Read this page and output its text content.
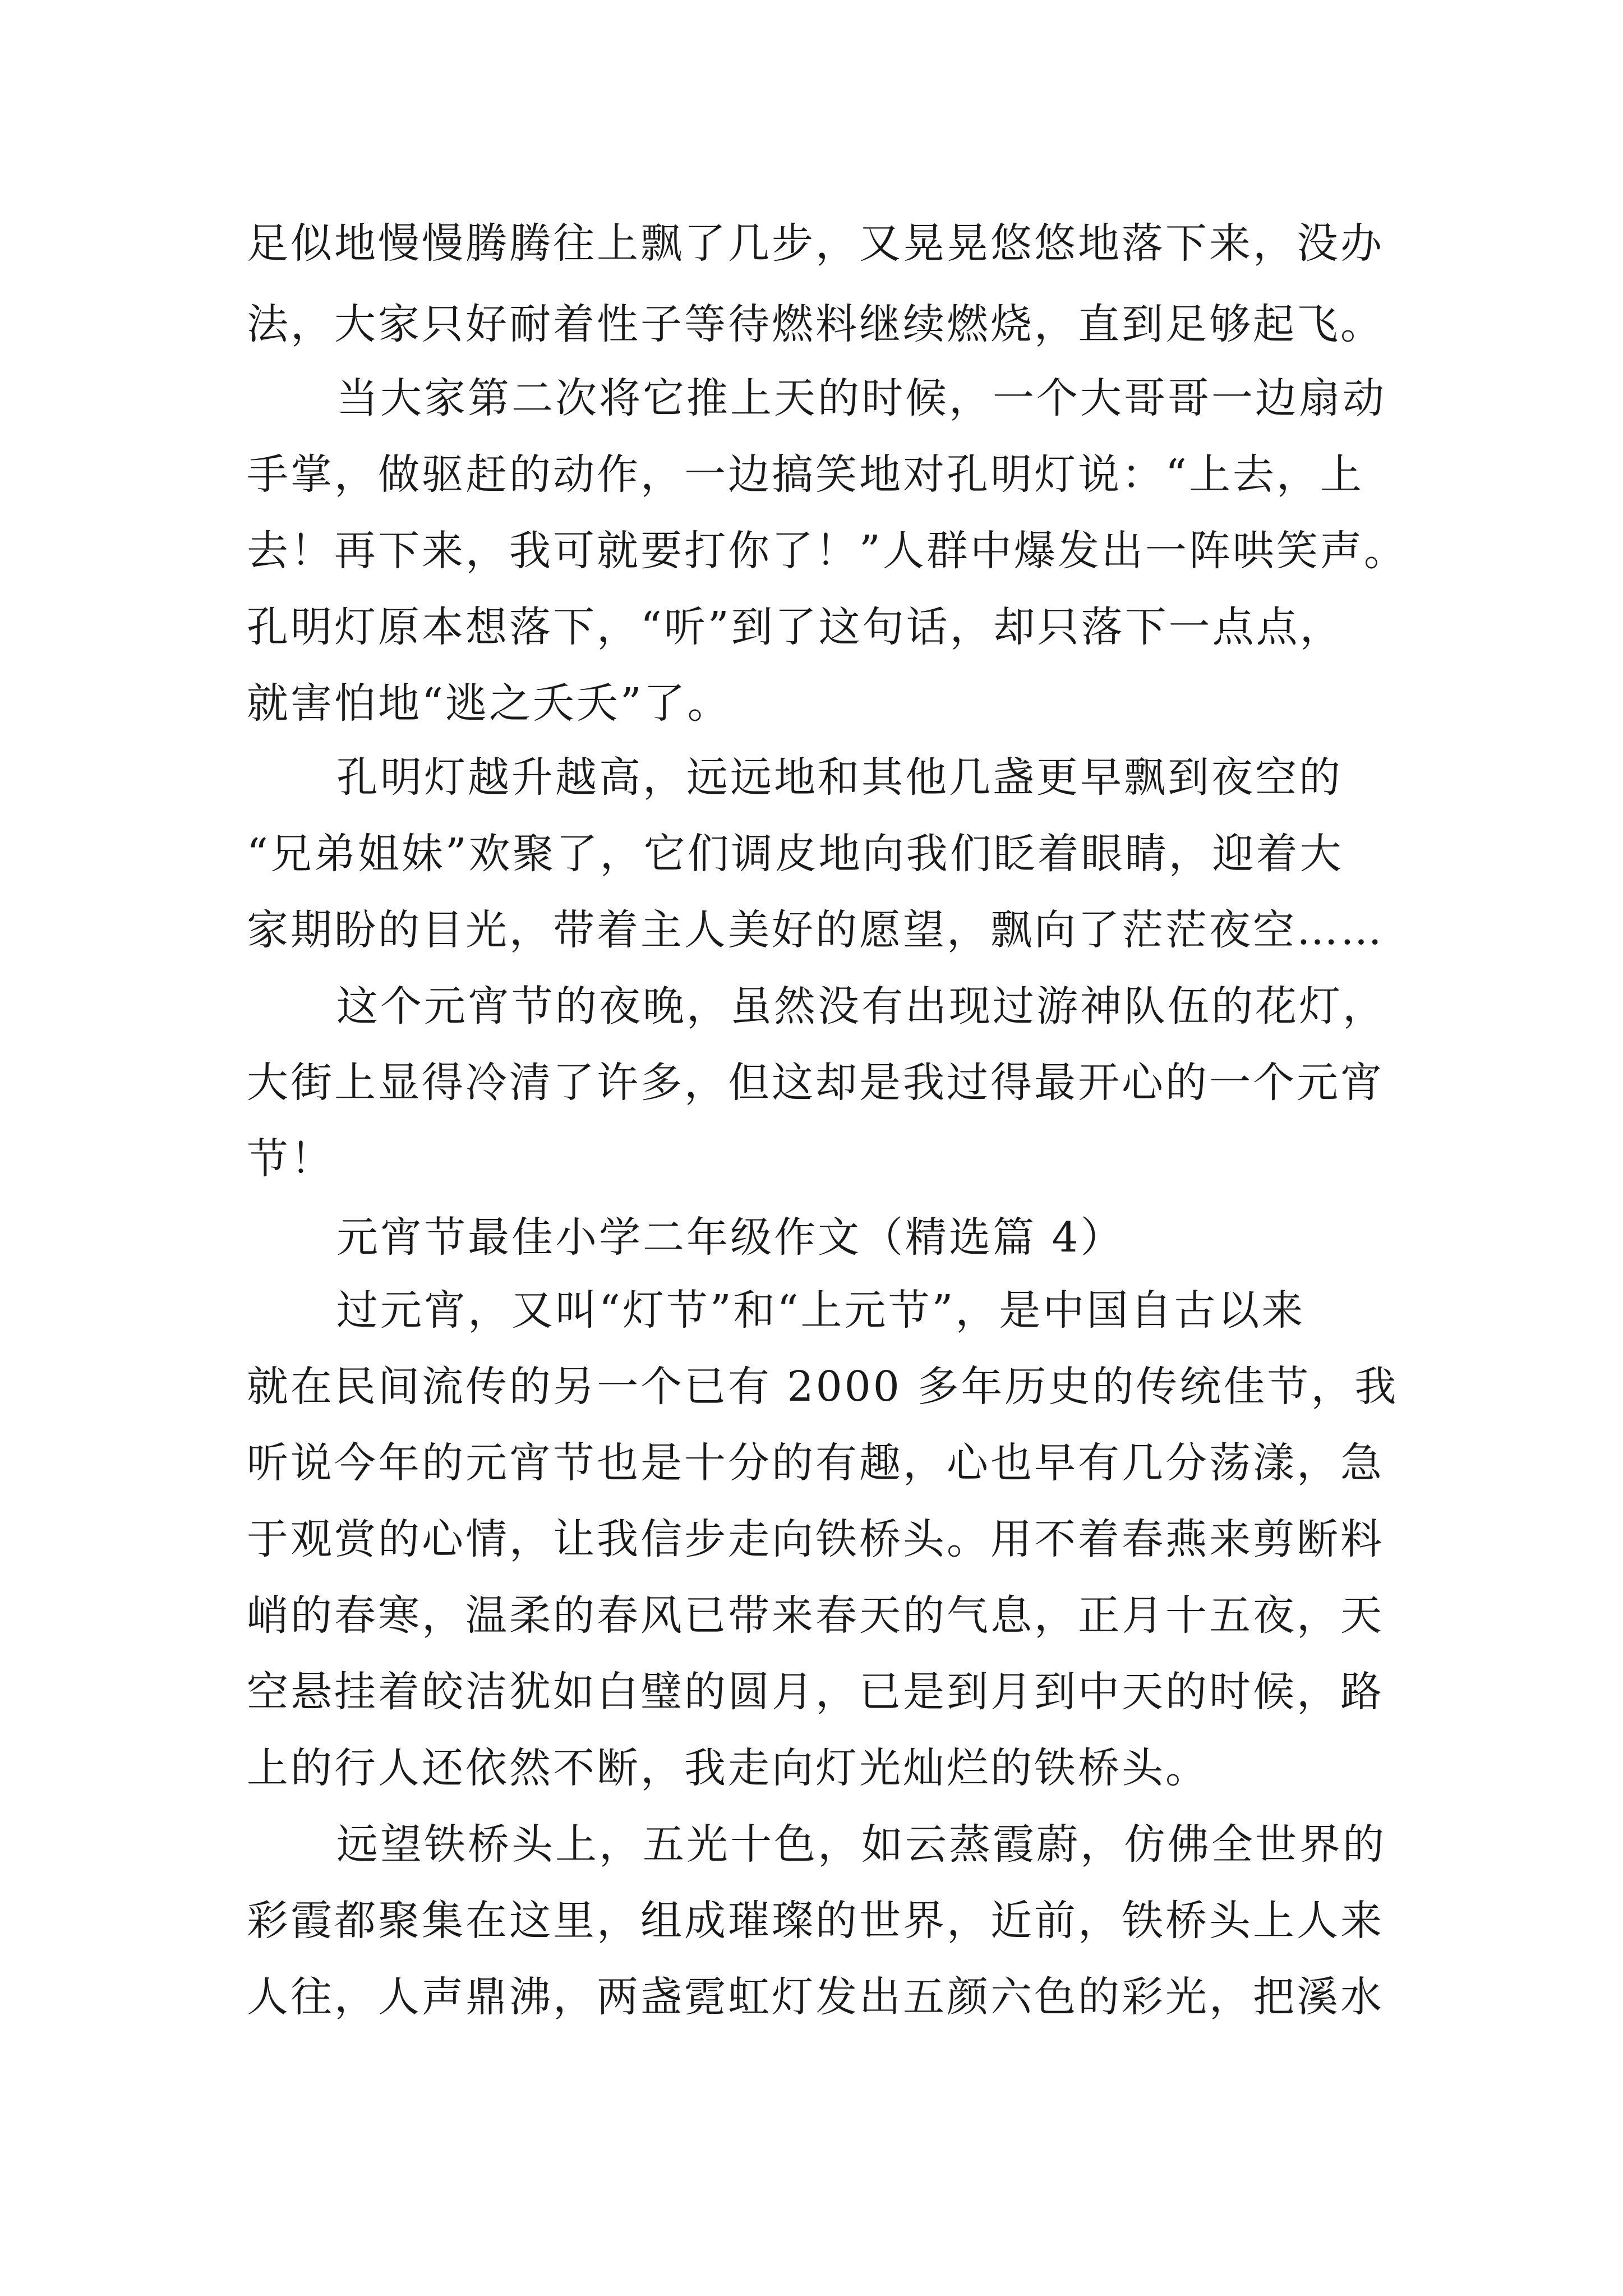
足似地慢慢腾腾往上飘了几步，又晃晃悠悠地落下来，没办
法，大家只好耐着性子等待燃料继续燃烧，直到足够起飞。
当大家第二次将它推上天的时候，一个大哥哥一边扇动
手掌，做驱赶的动作，一边搞笑地对孔明灯说：“上去，上
去！再下来，我可就要打你了！”人群中爆发出一阵哄笑声。
孔明灯原本想落下，“听”到了这句话，却只落下一点点，
就害怕地“逃之夭夭”了。
孔明灯越升越高，远远地和其他几盏更早飘到夜空的
“兄弟姐妹”欢聚了，它们调皮地向我们眨着眼睛，迎着大
家期盼的目光，带着主人美好的愿望，飘向了茫茫夜空……
这个元宵节的夜晚，虽然没有出现过游神队伍的花灯，
大街上显得冷清了许多，但这却是我过得最开心的一个元宵
节！
元宵节最佳小学二年级作文（精选篇 4）
过元宵，又叫“灯节”和“上元节”，是中国自古以来
就在民间流传的另一个已有 2000 多年历史的传统佳节，我
听说今年的元宵节也是十分的有趣，心也早有几分荡漾，急
于观赏的心情，让我信步走向铁桥头。用不着春燕来剪断料
峭的春寒，温柔的春风已带来春天的气息，正月十五夜，天
空悬挂着皎洁犹如白璧的圆月，已是到月到中天的时候，路
上的行人还依然不断，我走向灯光灿烂的铁桥头。
远望铁桥头上，五光十色，如云蒸霞蔚，仿佛全世界的
彩霞都聚集在这里，组成璀璨的世界，近前，铁桥头上人来
人往，人声鼎沸，两盏霓虹灯发出五颜六色的彩光，把溪水
